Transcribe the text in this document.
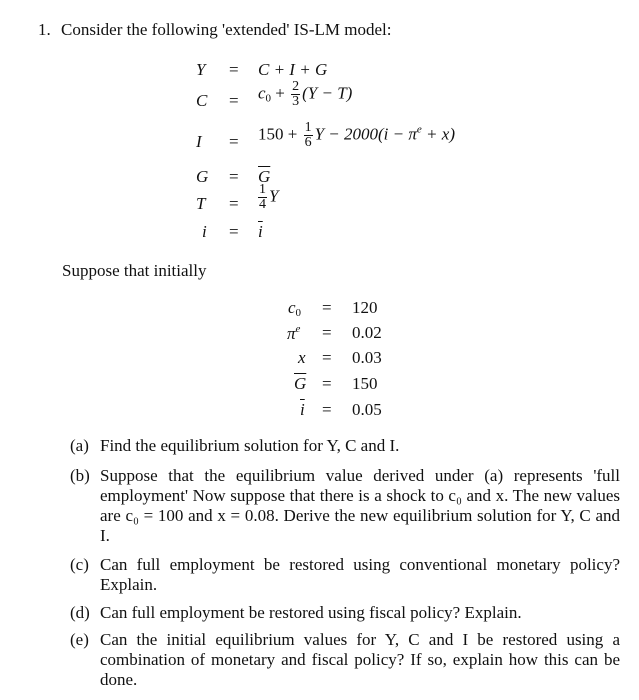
1. Consider the following 'extended' IS-LM model:
Y = C + I + G
$C = c_0 + \frac{2}{3} (Y - T)$
$I = 150 + \frac{1}{6}$ $Y - 2000(i - \pi^e + x)$
$G = \overline{G}$
$T = \frac{1}{4}$ Y
$i = \overline{i}$
Suppose that initially
$c_0 = 120$
$\pi^e = 0.02$
x = 0.03
$\overline{G} = 150$
$\overline{i} = 0.05$
(a) Find the equilibrium solution for Y, C and I.
(b) Suppose that the equilibrium value derived under (a) represents 'full employment' Now suppose that there is a shock to c₀ and x. The new values are c₀ = 100 and x = 0.08. Derive the new equilibrium solution for Y, C and I.
(c) Can full employment be restored using conventional monetary policy? Explain.
(d) Can full employment be restored using fiscal policy? Explain.
(e) Can the initial equilibrium values for Y, C and I be restored using a combination of monetary and fiscal policy? If so, explain how this can be done.
